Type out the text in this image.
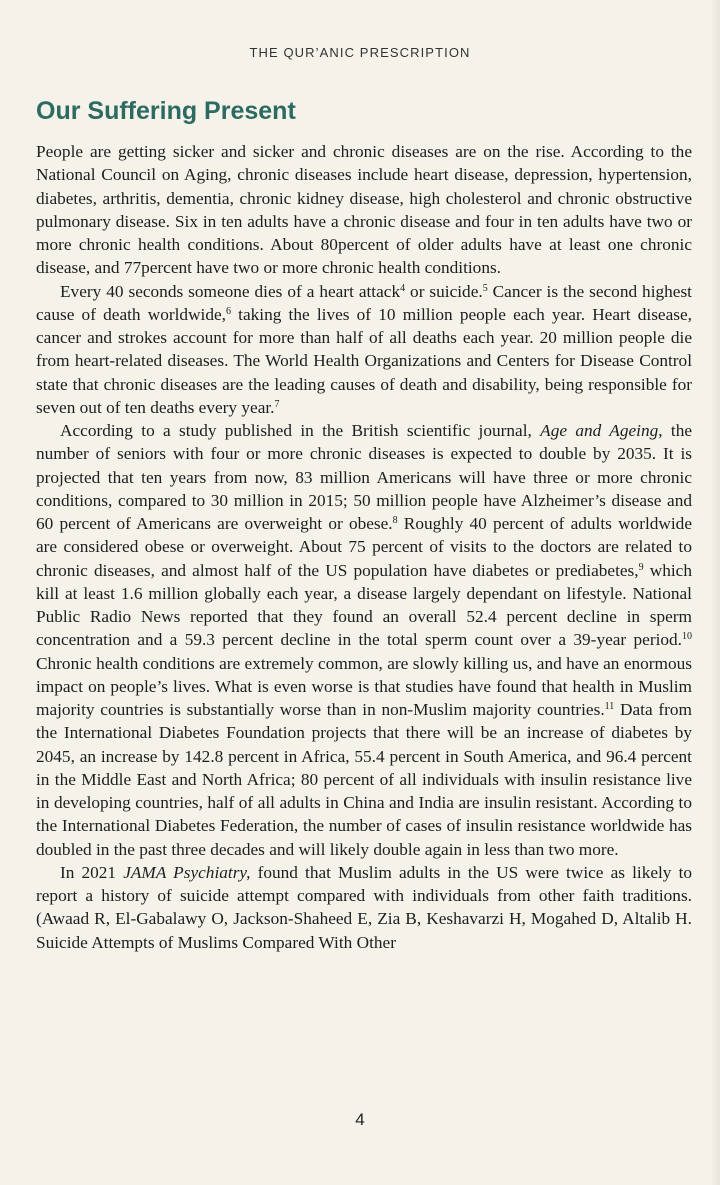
THE QUR’ANIC PRESCRIPTION
Our Suffering Present

People are getting sicker and sicker and chronic diseases are on the rise. According to the National Council on Aging, chronic diseases include heart disease, depression, hypertension, diabetes, arthritis, dementia, chronic kidney disease, high cholesterol and chronic obstructive pulmonary disease. Six in ten adults have a chronic disease and four in ten adults have two or more chronic health conditions. About 80percent of older adults have at least one chronic disease, and 77percent have two or more chronic health conditions.

Every 40 seconds someone dies of a heart attack$^4$ or suicide.$^5$ Cancer is the second highest cause of death worldwide,$^6$ taking the lives of 10 million people each year. Heart disease, cancer and strokes account for more than half of all deaths each year. 20 million people die from heart-related diseases. The World Health Organizations and Centers for Disease Control state that chronic diseases are the leading causes of death and disability, being responsible for seven out of ten deaths every year.$^7$

According to a study published in the British scientific journal, Age and Ageing, the number of seniors with four or more chronic diseases is expected to double by 2035. It is projected that ten years from now, 83 million Americans will have three or more chronic conditions, compared to 30 million in 2015; 50 million people have Alzheimer’s disease and 60 percent of Americans are overweight or obese.$^8$ Roughly 40 percent of adults worldwide are considered obese or overweight. About 75 percent of visits to the doctors are related to chronic diseases, and almost half of the US population have diabetes or prediabetes,$^9$ which kill at least 1.6 million globally each year, a disease largely dependant on lifestyle. National Public Radio News reported that they found an overall 52.4 percent decline in sperm concentration and a 59.3 percent decline in the total sperm count over a 39-year period.$^{10}$ Chronic health conditions are extremely common, are slowly killing us, and have an enormous impact on people’s lives. What is even worse is that studies have found that health in Muslim majority countries is substantially worse than in non-Muslim majority countries.$^{11}$ Data from the International Diabetes Foundation projects that there will be an increase of diabetes by 2045, an increase by 142.8 percent in Africa, 55.4 percent in South America, and 96.4 percent in the Middle East and North Africa; 80 percent of all individuals with insulin resistance live in developing countries, half of all adults in China and India are insulin resistant. According to the International Diabetes Federation, the number of cases of insulin resistance worldwide has doubled in the past three decades and will likely double again in less than two more.

In 2021 JAMA Psychiatry, found that Muslim adults in the US were twice as likely to report a history of suicide attempt compared with individuals from other faith traditions. (Awaad R, El-Gabalawy O, Jackson-Shaheed E, Zia B, Keshavarzi H, Mogahed D, Altalib H. Suicide Attempts of Muslims Compared With Other

4
